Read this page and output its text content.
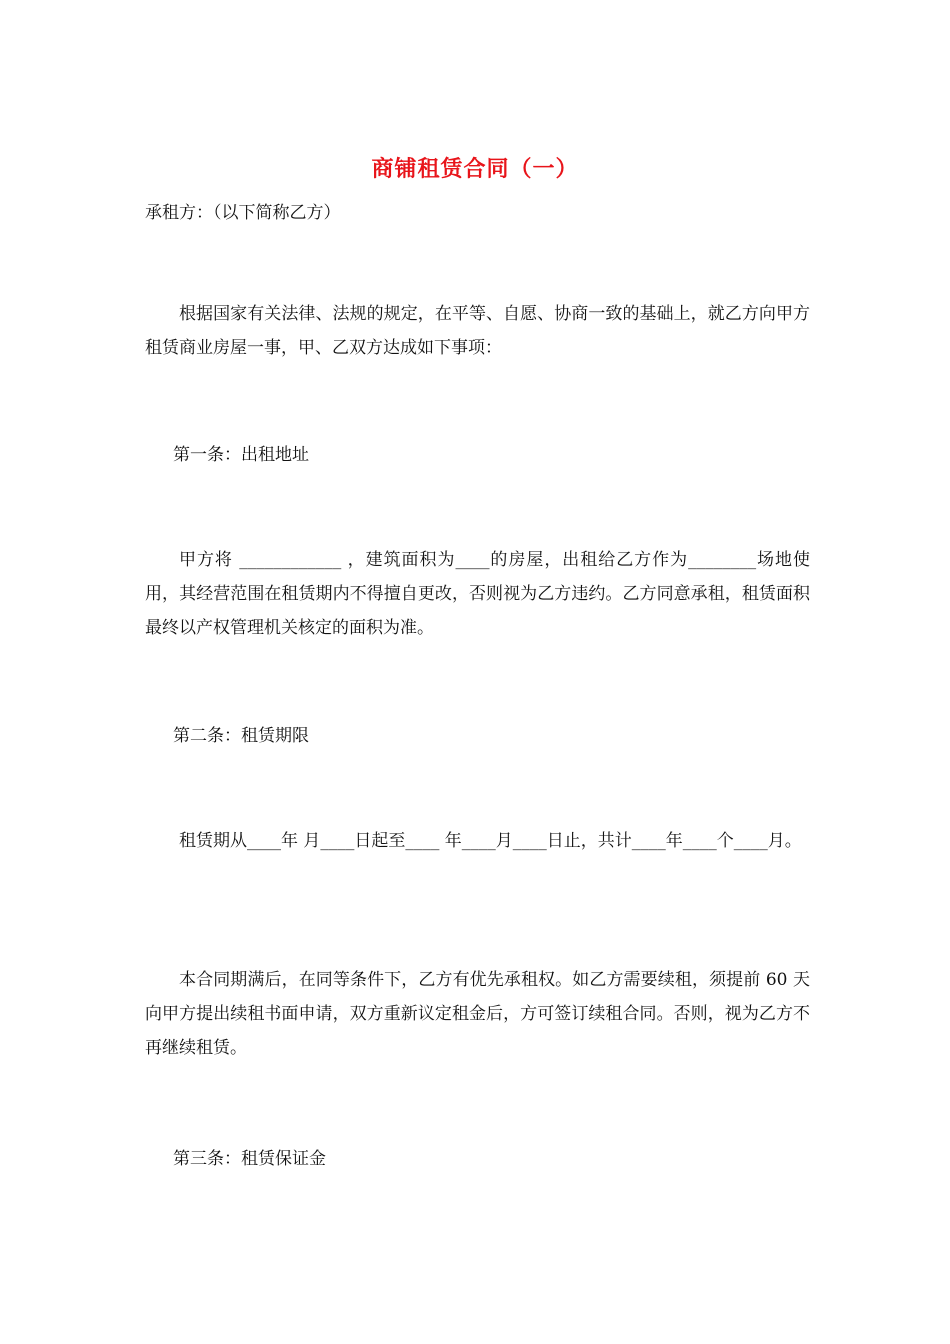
商铺租赁合同（一）

承租方：（以下简称乙方）

根据国家有关法律、法规的规定，在平等、自愿、协商一致的基础上，就乙方向甲方租赁商业房屋一事，甲、乙双方达成如下事项：

第一条：出租地址

甲方将 ____________ ，建筑面积为____的房屋，出租给乙方作为________场地使用，其经营范围在租赁期内不得擅自更改，否则视为乙方违约。乙方同意承租，租赁面积最终以产权管理机关核定的面积为准。

第二条：租赁期限

租赁期从____年 月____日起至____ 年____月____日止，共计____年____个____月。

本合同期满后，在同等条件下，乙方有优先承租权。如乙方需要续租，须提前 60 天向甲方提出续租书面申请，双方重新议定租金后，方可签订续租合同。否则，视为乙方不再继续租赁。

第三条：租赁保证金
